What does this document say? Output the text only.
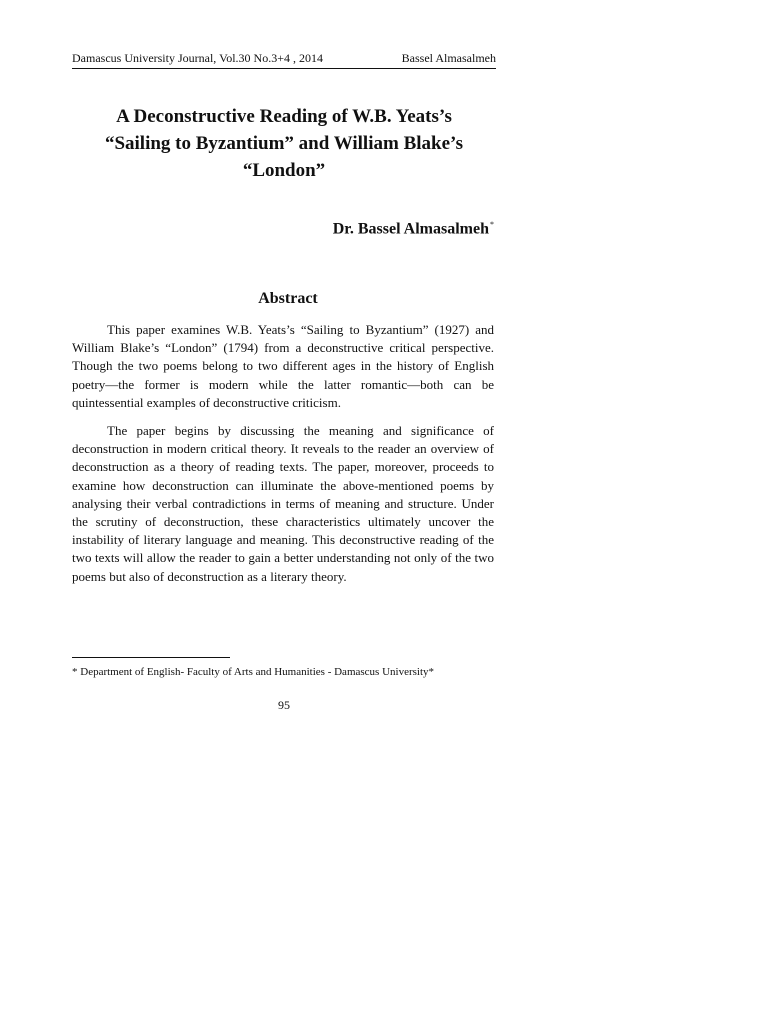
Damascus University Journal, Vol.30 No.3+4 , 2014	Bassel Almasalmeh
A Deconstructive Reading of W.B. Yeats’s
“Sailing to Byzantium” and William Blake’s
“London”
Dr. Bassel Almasalmeh*
Abstract

This paper examines W.B. Yeats’s “Sailing to Byzantium” (1927) and William Blake’s “London” (1794) from a deconstructive critical perspective. Though the two poems belong to two different ages in the history of English poetry—the former is modern while the latter romantic—both can be quintessential examples of deconstructive criticism.

The paper begins by discussing the meaning and significance of deconstruction in modern critical theory. It reveals to the reader an overview of deconstruction as a theory of reading texts. The paper, moreover, proceeds to examine how deconstruction can illuminate the above-mentioned poems by analysing their verbal contradictions in terms of meaning and structure. Under the scrutiny of deconstruction, these characteristics ultimately uncover the instability of literary language and meaning. This deconstructive reading of the two texts will allow the reader to gain a better understanding not only of the two poems but also of deconstruction as a literary theory.

* Department of English- Faculty of Arts and Humanities - Damascus University*
95
